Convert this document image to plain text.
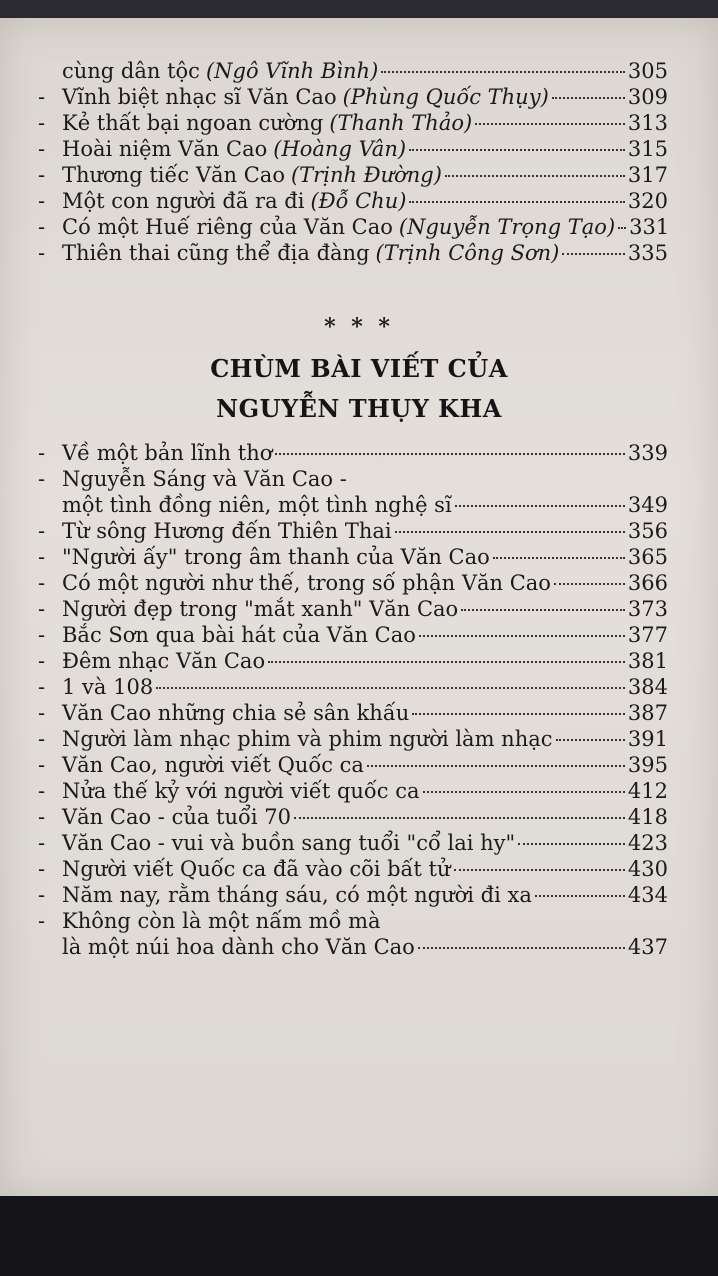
cùng dân tộc (Ngô Vĩnh Bình)	305
- Vĩnh biệt nhạc sĩ Văn Cao (Phùng Quốc Thụy)	309
- Kẻ thất bại ngoan cường (Thanh Thảo)	313
- Hoài niệm Văn Cao (Hoàng Vân)	315
- Thương tiếc Văn Cao (Trịnh Đường)	317
- Một con người đã ra đi (Đỗ Chu)	320
- Có một Huế riêng của Văn Cao (Nguyễn Trọng Tạo) 331
- Thiên thai cũng thể địa đàng (Trịnh Công Sơn)	335
* * *
CHÙM BÀI VIẾT CỦA
NGUYỄN THỤY KHA
- Về một bản lĩnh thơ	339
- Nguyễn Sáng và Văn Cao -
một tình đồng niên, một tình nghệ sĩ	349
- Từ sông Hương đến Thiên Thai	356
- "Người ấy" trong âm thanh của Văn Cao	365
- Có một người như thế, trong số phận Văn Cao	366
- Người đẹp trong "mắt xanh" Văn Cao	373
- Bắc Sơn qua bài hát của Văn Cao	377
- Đêm nhạc Văn Cao	381
- 1 và 108	384
- Văn Cao những chia sẻ sân khấu	387
- Người làm nhạc phim và phim người làm nhạc	391
- Văn Cao, người viết Quốc ca	395
- Nửa thế kỷ với người viết quốc ca	412
- Văn Cao - của tuổi 70	418
- Văn Cao - vui và buồn sang tuổi "cổ lai hy"	423
- Người viết Quốc ca đã vào cõi bất tử	430
- Năm nay, rằm tháng sáu, có một người đi xa	434
- Không còn là một nấm mồ mà
là một núi hoa dành cho Văn Cao	437
